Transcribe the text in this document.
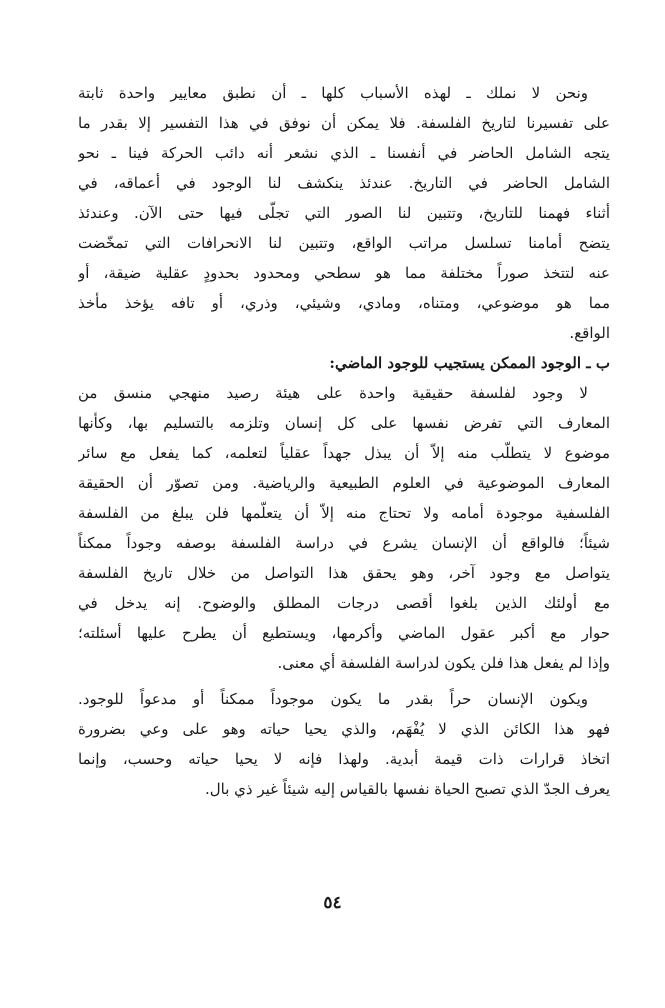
ونحن لا نملك ـ لهذه الأسباب كلها ـ أن نطبق معايير واحدة ثابتة
على تفسيرنا لتاريخ الفلسفة. فلا يمكن أن نوفق في هذا التفسير إلا بقدر ما
يتجه الشامل الحاضر في أنفسنا ـ الذي نشعر أنه دائب الحركة فينا ـ نحو
الشامل الحاضر في التاريخ. عندئذ ينكشف لنا الوجود في أعماقه، في
أثناء فهمنا للتاريخ، وتتبين لنا الصور التي تجلّى فيها حتى الآن. وعندئذ
يتضح أمامنا تسلسل مراتب الواقع، وتتبين لنا الانحرافات التي تمخّضت
عنه لتتخذ صوراً مختلفة مما هو سطحي ومحدود بحدودٍ عقلية ضيقة، أو
مما هو موضوعي، ومتناه، ومادي، وشيئي، وذري، أو تافه يؤخذ مأخذ
الواقع.
ب ـ الوجود الممكن يستجيب للوجود الماضي:
لا وجود لفلسفة حقيقية واحدة على هيئة رصيد منهجي منسق من
المعارف التي تفرض نفسها على كل إنسان وتلزمه بالتسليم بها، وكأنها
موضوع لا يتطلّب منه إلاّ أن يبذل جهداً عقلياً لتعلمه، كما يفعل مع سائر
المعارف الموضوعية في العلوم الطبيعية والرياضية. ومن تصوّر أن الحقيقة
الفلسفية موجودة أمامه ولا تحتاج منه إلاّ أن يتعلّمها فلن يبلغ من الفلسفة
شيئاً؛ فالواقع أن الإنسان يشرع في دراسة الفلسفة بوصفه وجوداً ممكناً
يتواصل مع وجود آخر، وهو يحقق هذا التواصل من خلال تاريخ الفلسفة
مع أولئك الذين بلغوا أقصى درجات المطلق والوضوح. إنه يدخل في
حوار مع أكبر عقول الماضي وأكرمها، ويستطيع أن يطرح عليها أسئلته؛
وإذا لم يفعل هذا فلن يكون لدراسة الفلسفة أي معنى.
ويكون الإنسان حراً بقدر ما يكون موجوداً ممكناً أو مدعواً للوجود.
فهو هذا الكائن الذي لا يُفْهَم، والذي يحيا حياته وهو على وعي بضرورة
اتخاذ قرارات ذات قيمة أبدية. ولهذا فإنه لا يحيا حياته وحسب، وإنما
يعرف الجدّ الذي تصبح الحياة نفسها بالقياس إليه شيئاً غير ذي بال.
٥٤
